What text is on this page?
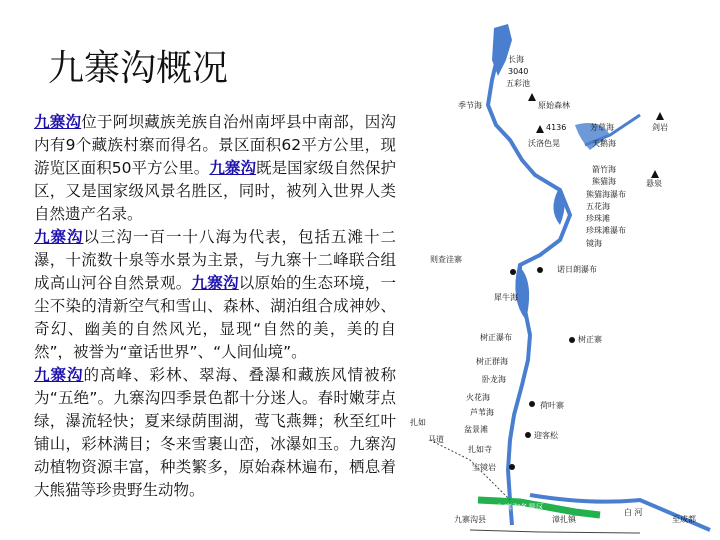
九寨沟概况
九寨沟位于阿坝藏族羌族自治州南坪县中南部，因沟内有9个藏族村寨而得名。景区面积62平方公里，现游览区面积50平方公里。九寨沟既是国家级自然保护区，又是国家级风景名胜区，同时，被列入世界人类自然遗产名录。
九寨沟以三沟一百一十八海为代表，包括五滩十二瀑，十流数十泉等水景为主景，与九寨十二峰联合组成高山河谷自然景观。九寨沟以原始的生态环境，一尘不染的清新空气和雪山、森林、湖泊组合成神妙、奇幻、幽美的自然风光，显现“自然的美，美的自然”，被誉为“童话世界”、“人间仙境”。
九寨沟的高峰、彩林、翠海、叠瀑和藏族风情被称为“五绝”。九寨沟四季景色都十分迷人。春时嫩芽点绿，瀑流轻快；夏来绿荫围湖，莺飞燕舞；秋至红叶铺山，彩林满目；冬来雪裹山峦，冰瀑如玉。九寨沟动植物资源丰富，种类繁多，原始森林遍布，栖息着大熊猫等珍贵野生动物。
长海
3040
五彩池
季节海	原始森林
4136
沃洛色晃
芳草海	剑岩
天鹅海
悬泉
箭竹海
熊猫海
熊猫海瀑布
五花海
珍珠滩
珍珠滩瀑布
镜海
则查洼寨
诺日朗瀑布
犀牛海
树正瀑布	树正寨
树正群海
卧龙海
火花海
芦苇海
荷叶寨
盆景滩
迎客松
扎如寺
宝镜岩
九寨沟县	漳扎镇	至成都
马道
扎如
白 河
九寨沟各景区
